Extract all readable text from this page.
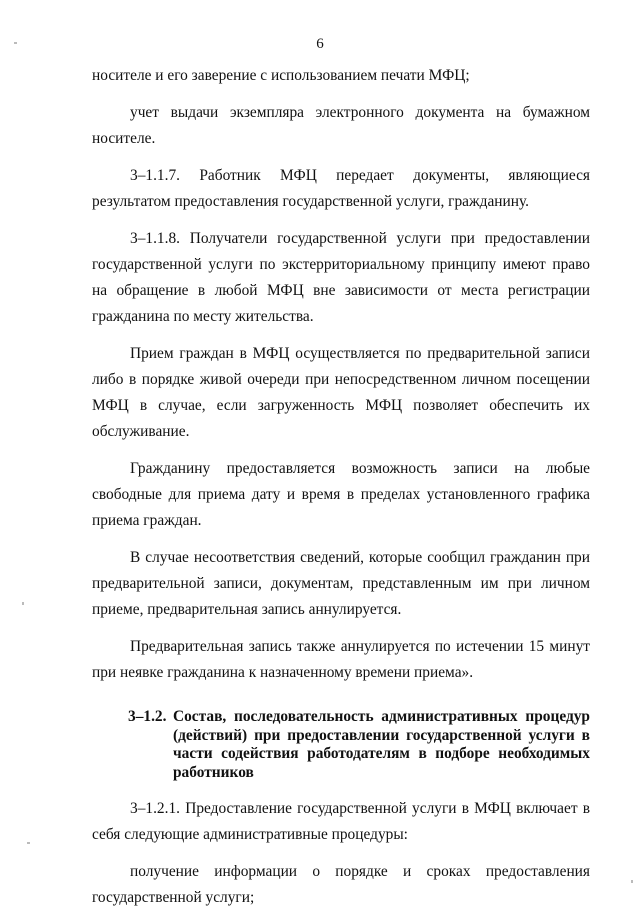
6

носителе и его заверение с использованием печати МФЦ;

учет выдачи экземпляра электронного документа на бумажном носителе.

3–1.1.7. Работник МФЦ передает документы, являющиеся результатом предоставления государственной услуги, гражданину.

3–1.1.8. Получатели государственной услуги при предоставлении государственной услуги по экстерриториальному принципу имеют право на обращение в любой МФЦ вне зависимости от места регистрации гражданина по месту жительства.

Прием граждан в МФЦ осуществляется по предварительной записи либо в порядке живой очереди при непосредственном личном посещении МФЦ в случае, если загруженность МФЦ позволяет обеспечить их обслуживание.

Гражданину предоставляется возможность записи на любые свободные для приема дату и время в пределах установленного графика приема граждан.

В случае несоответствия сведений, которые сообщил гражданин при предварительной записи, документам, представленным им при личном приеме, предварительная запись аннулируется.

Предварительная запись также аннулируется по истечении 15 минут при неявке гражданина к назначенному времени приема».

3–1.2. Состав, последовательность административных процедур (действий) при предоставлении государственной услуги в части содействия работодателям в подборе необходимых работников

3–1.2.1. Предоставление государственной услуги в МФЦ включает в себя следующие административные процедуры:

получение информации о порядке и сроках предоставления государственной услуги;
